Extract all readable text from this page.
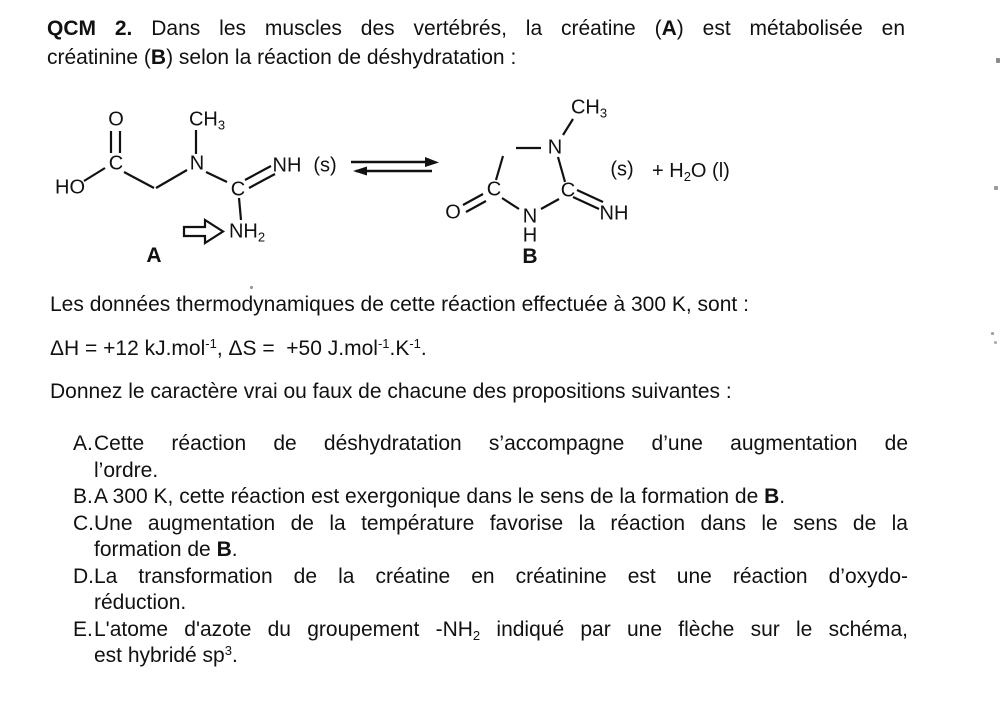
QCM 2. Dans les muscles des vertébrés, la créatine (A) est métabolisée en
créatinine (B) selon la réaction de déshydratation :
O
C
HO
$CH_3$
N
C
NH (s)
$NH_2$
A
$CH_3$
N
C
O	N
H
C
NH
$(s) + H_2O$ (l)
B
Les données thermodynamiques de cette réaction effectuée à 300 K, sont :
ΔH = +12 kJ.mol$^{-1}$, ΔS =  +50 $J.mol^{-1}.K^{-1}$.
Donnez le caractère vrai ou faux de chacune des propositions suivantes :
A. Cette réaction de déshydratation s’accompagne d’une augmentation de
l’ordre.
B. A 300 K, cette réaction est exergonique dans le sens de la formation de B.
C. Une augmentation de la température favorise la réaction dans le sens de la
formation de B.
D. La transformation de la créatine en créatinine est une réaction d’oxydo-
réduction.
E. L'atome d'azote du groupement $-NH_2$ indiqué par une flèche sur le schéma,
est hybridé $sp^3$.
